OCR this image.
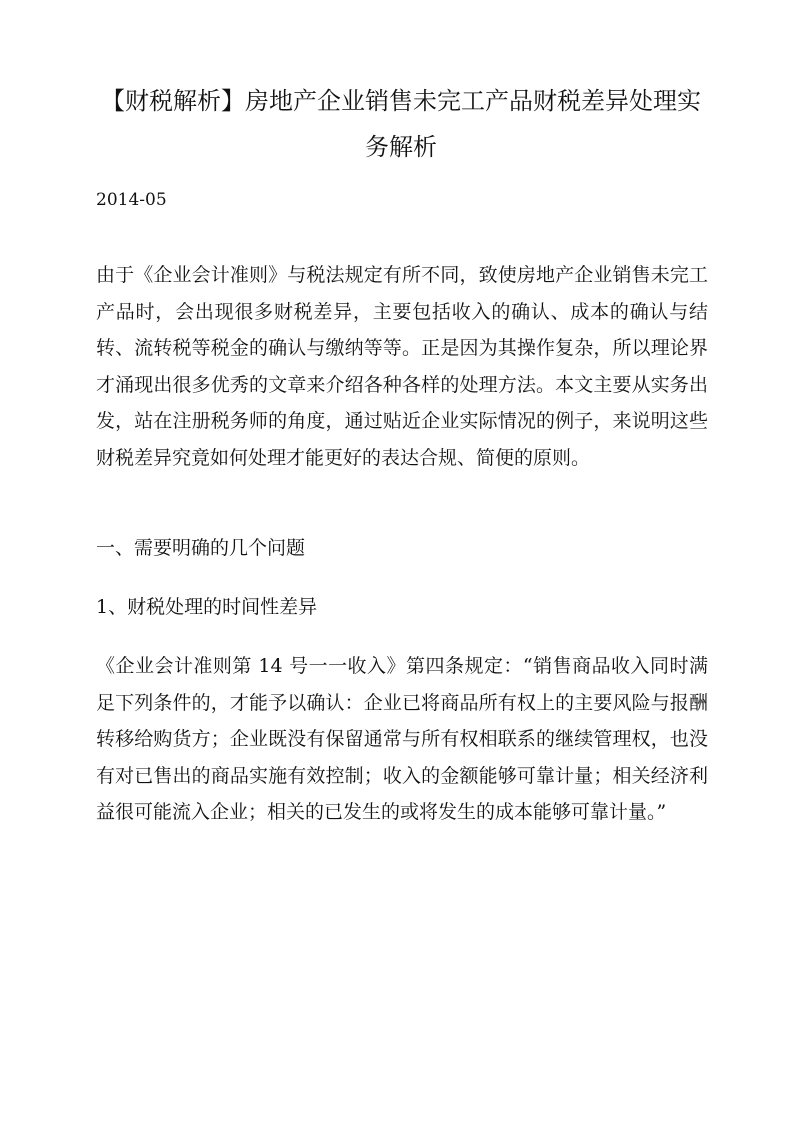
【财税解析】房地产企业销售未完工产品财税差异处理实务解析

2014-05

由于《企业会计准则》与税法规定有所不同，致使房地产企业销售未完工产品时，会出现很多财税差异，主要包括收入的确认、成本的确认与结转、流转税等税金的确认与缴纳等等。正是因为其操作复杂，所以理论界才涌现出很多优秀的文章来介绍各种各样的处理方法。本文主要从实务出发，站在注册税务师的角度，通过贴近企业实际情况的例子，来说明这些财税差异究竟如何处理才能更好的表达合规、简便的原则。

一、需要明确的几个问题

1、财税处理的时间性差异

《企业会计准则第 14 号一一收入》第四条规定：“销售商品收入同时满足下列条件的，才能予以确认：企业已将商品所有权上的主要风险与报酬转移给购货方；企业既没有保留通常与所有权相联系的继续管理权，也没有对已售出的商品实施有效控制；收入的金额能够可靠计量；相关经济利益很可能流入企业；相关的已发生的或将发生的成本能够可靠计量。”
